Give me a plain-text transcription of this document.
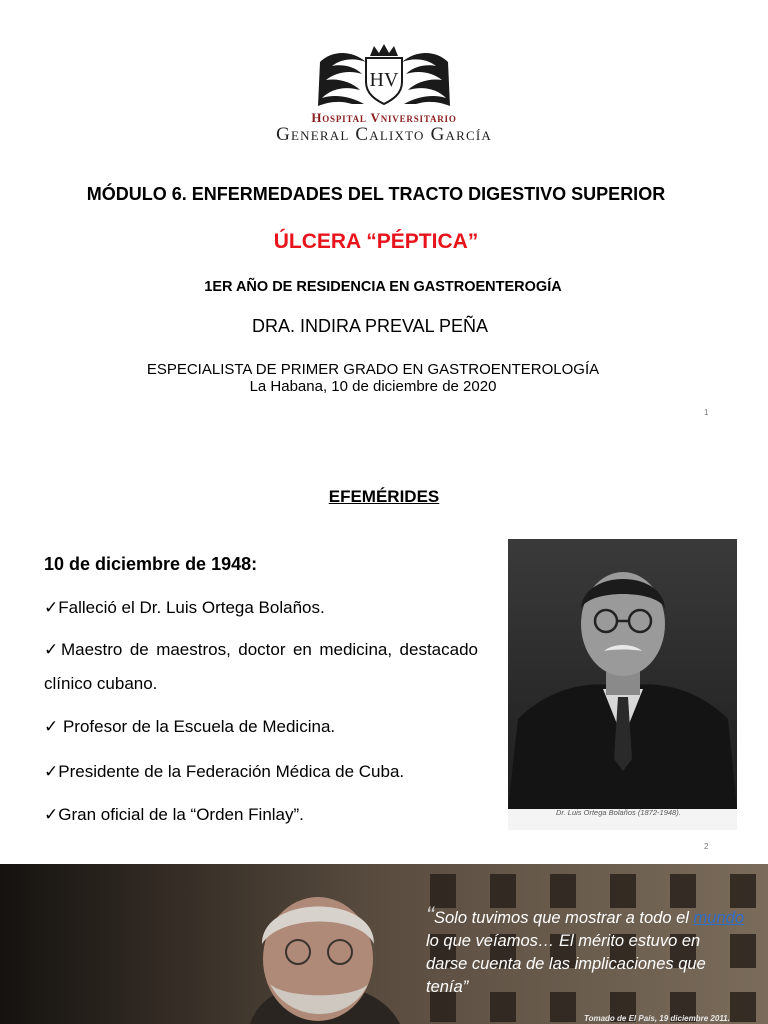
HV
Hospital Vniversitario
General Calixto García
MÓDULO 6. ENFERMEDADES DEL TRACTO DIGESTIVO SUPERIOR
ÚLCERA “PÉPTICA”
1ER AÑO DE RESIDENCIA EN GASTROENTEROGÍA
DRA. INDIRA PREVAL PEÑA
ESPECIALISTA DE PRIMER GRADO EN GASTROENTEROLOGÍA
La Habana, 10 de diciembre de 2020
1
EFEMÉRIDES
10 de diciembre de 1948:
✓Falleció el Dr. Luis Ortega Bolaños.
✓Maestro de maestros, doctor en medicina, destacado clínico cubano.
✓ Profesor de la Escuela de Medicina.
✓Presidente de la Federación Médica de Cuba.
✓Gran oficial de la “Orden Finlay”.	Dr. Luis Ortega Bolaños (1872-1948).
2
“Solo tuvimos que mostrar a todo el mundo lo que veíamos… El mérito estuvo en darse cuenta de las implicaciones que tenía”
Tomado de El País, 19 diciembre 2011.
